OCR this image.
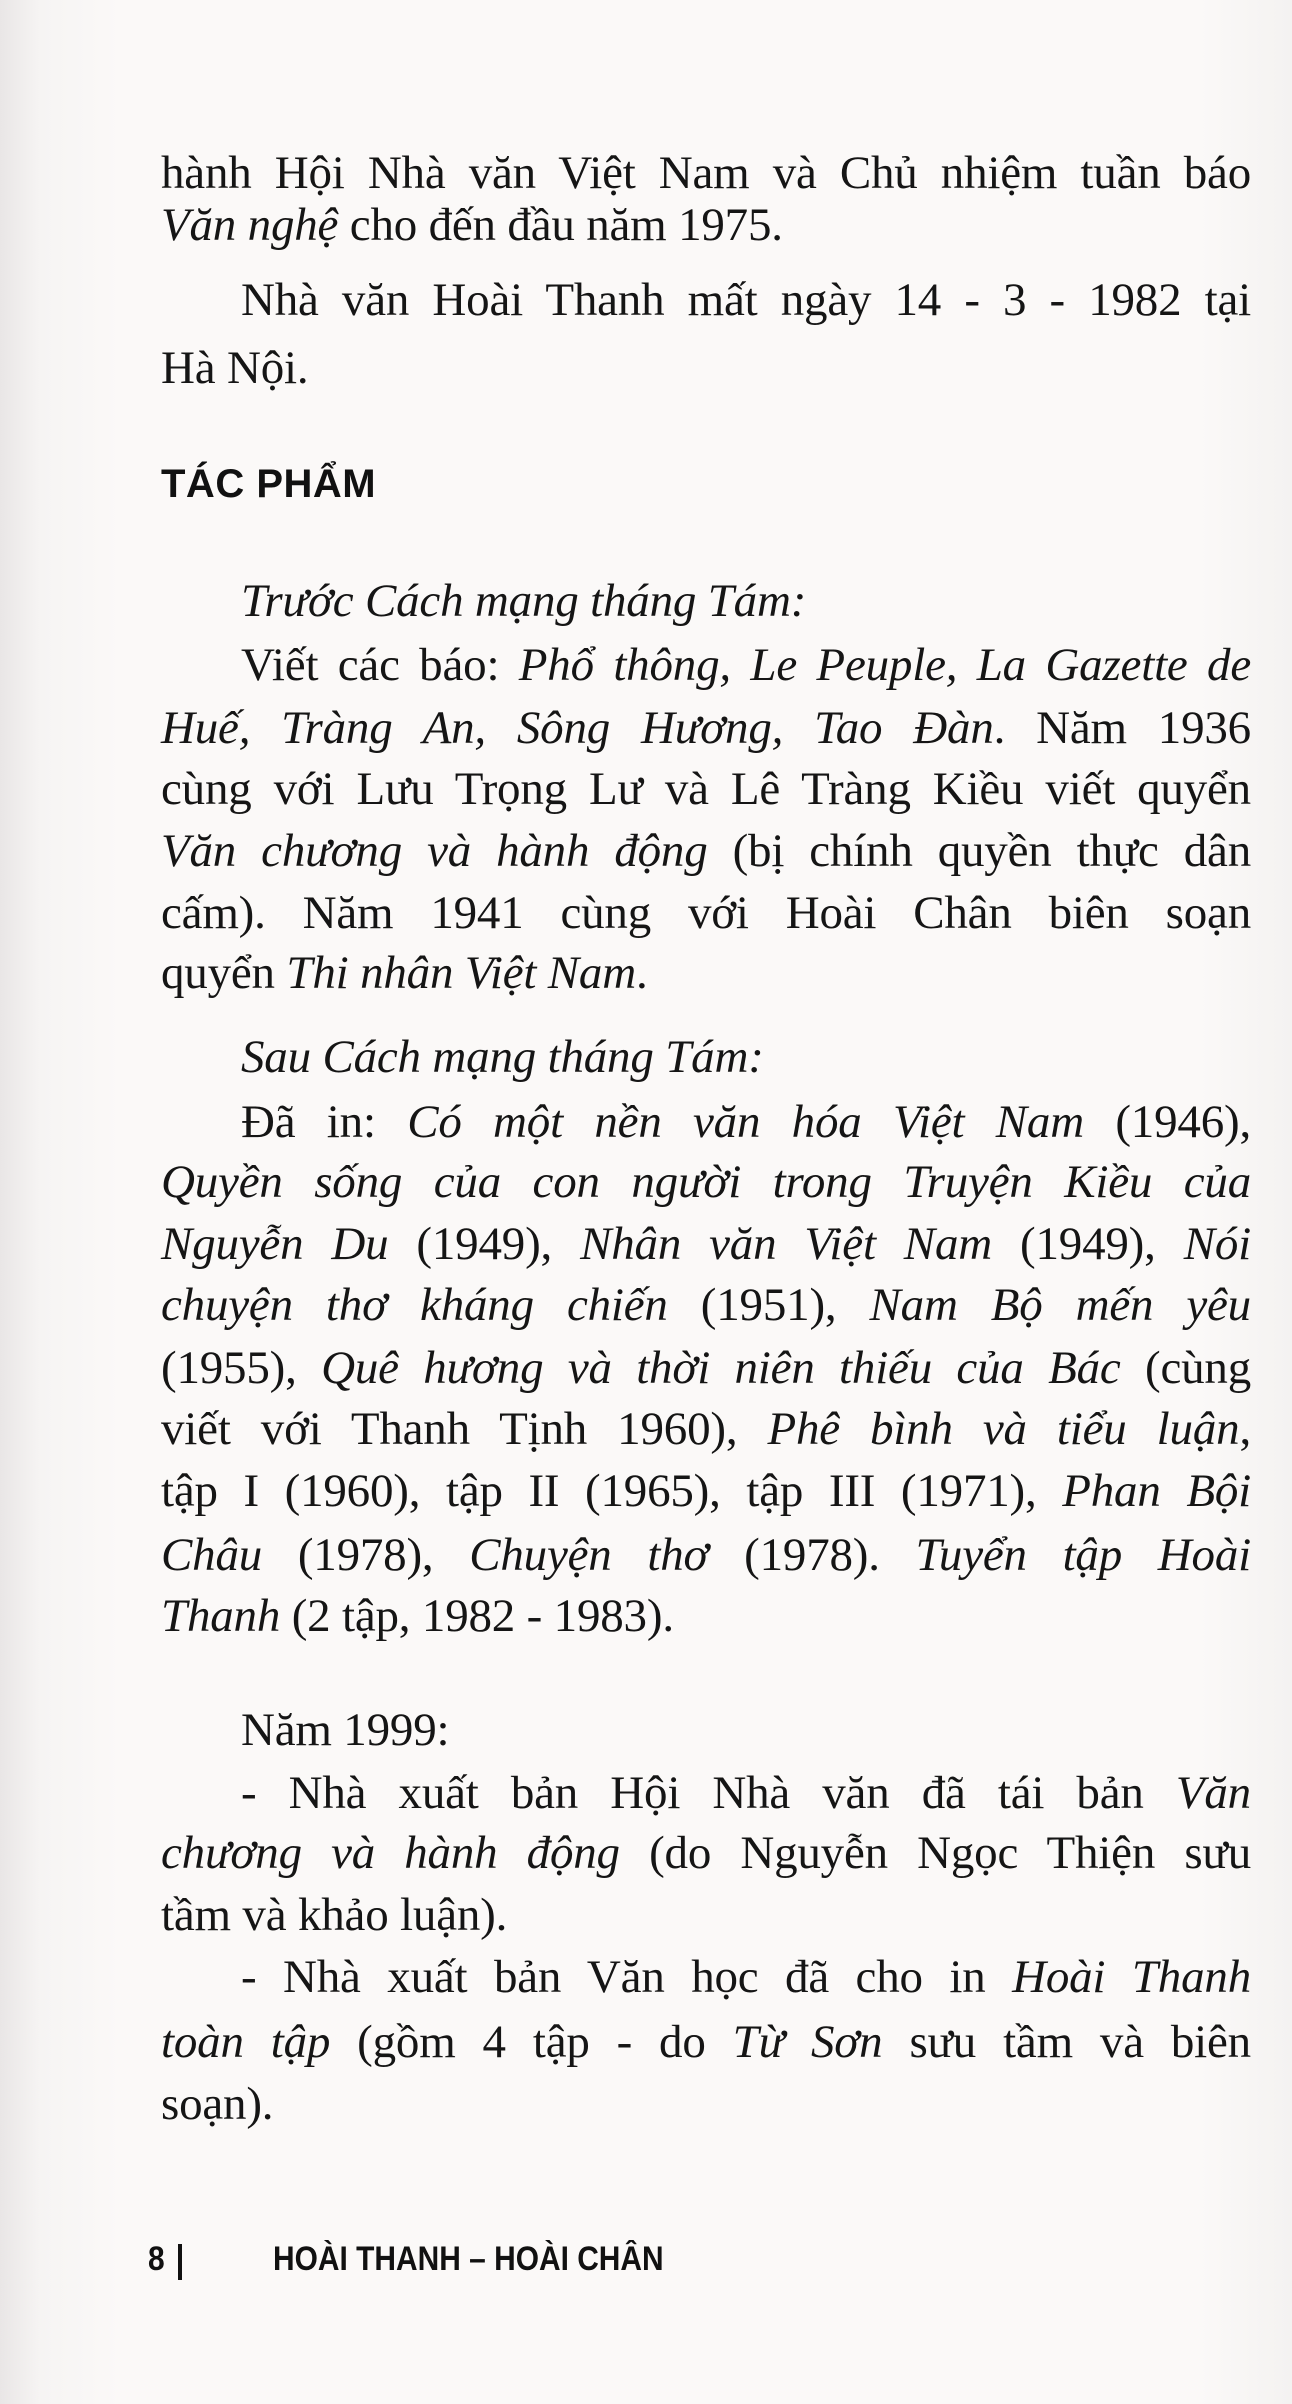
hành Hội Nhà văn Việt Nam và Chủ nhiệm tuần báo
Văn nghệ cho đến đầu năm 1975.
Nhà văn Hoài Thanh mất ngày 14 - 3 - 1982 tại
Hà Nội.
Trước Cách mạng tháng Tám:
Viết các báo: Phổ thông, Le Peuple, La Gazette de
Huế, Tràng An, Sông Hương, Tao Đàn. Năm 1936
cùng với Lưu Trọng Lư và Lê Tràng Kiều viết quyển
Văn chương và hành động (bị chính quyền thực dân
cấm). Năm 1941 cùng với Hoài Chân biên soạn
quyển Thi nhân Việt Nam.
Sau Cách mạng tháng Tám:
Đã in: Có một nền văn hóa Việt Nam (1946),
Quyền sống của con người trong Truyện Kiều của
Nguyễn Du (1949), Nhân văn Việt Nam (1949), Nói
chuyện thơ kháng chiến (1951), Nam Bộ mến yêu
(1955), Quê hương và thời niên thiếu của Bác (cùng
viết với Thanh Tịnh 1960), Phê bình và tiểu luận,
tập I (1960), tập II (1965), tập III (1971), Phan Bội
Châu (1978), Chuyện thơ (1978). Tuyển tập Hoài
Thanh (2 tập, 1982 - 1983).
Năm 1999:
- Nhà xuất bản Hội Nhà văn đã tái bản Văn
chương và hành động (do Nguyễn Ngọc Thiện sưu
tầm và khảo luận).
- Nhà xuất bản Văn học đã cho in Hoài Thanh
toàn tập (gồm 4 tập - do Từ Sơn sưu tầm và biên
soạn).
TÁC PHẨM
8	HOÀI THANH – HOÀI CHÂN
